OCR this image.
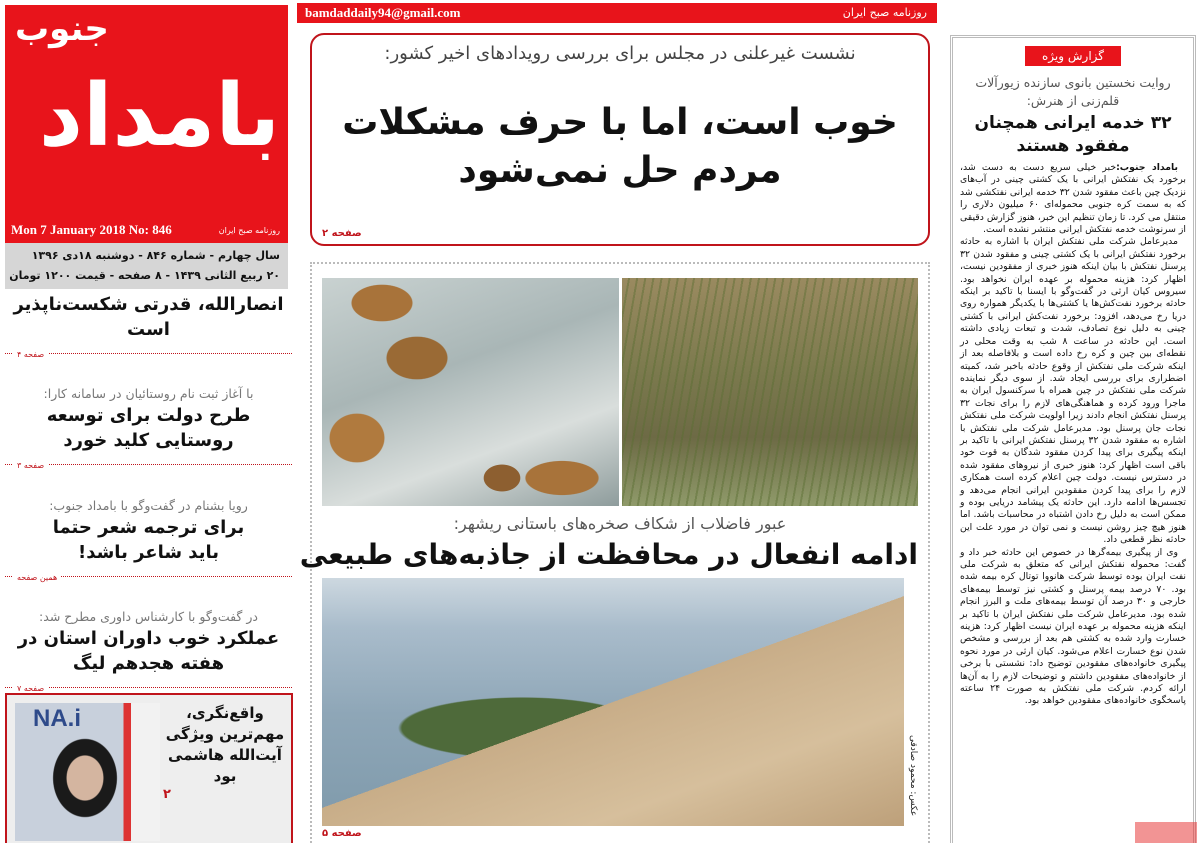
جنوب
بامداد
Mon 7 January 2018 No: 846	روزنامه صبح ایران
سال چهارم - شماره ۸۴۶ - دوشنبه ۱۸دی ۱۳۹۶
۲۰ ربیع الثانی ۱۴۳۹ - ۸ صفحه - قیمت ۱۲۰۰ تومان
انصارالله، قدرتی شکست‌ناپذیر است
صفحه ۴
با آغاز ثبت نام روستائیان در سامانه کارا:
طرح دولت برای توسعه روستایی کلید خورد
صفحه ۳
رویا بشنام در گفت‌وگو با بامداد جنوب:
برای ترجمه شعر حتما باید شاعر باشد!
همین صفحه
در گفت‌وگو با کارشناس داوری مطرح شد:
عملکرد خوب داوران استان در هفته هجدهم لیگ
صفحه ۷
NA.i	واقع‌نگری، مهم‌ترین ویژگی آیت‌الله هاشمی بود
۲
bamdaddaily94@gmail.com	روزنامه صبح ایران
نشست غیرعلنی در مجلس برای بررسی رویدادهای اخیر کشور:
خوب است، اما با حرف مشکلات مردم حل نمی‌شود
صفحه ۲
عبور فاضلاب از شکاف صخره‌های باستانی ریشهر:
ادامه انفعال در محافظت از جاذبه‌های طبیعی
عکس: محمود صادقی
صفحه ۵
گزارش ویژه
روایت نخستین بانوی سازنده زیورآلات قلم‌زنی از هنرش:
۳۲ خدمه ایرانی همچنان مفقود هستند

بامداد جنوب:خبر خیلی سریع دست به دست شد، برخورد یک نفتکش ایرانی با یک کشتی چینی در آب‌های نزدیک چین باعث مفقود شدن ۳۲ خدمه ایرانی نفتکشی شد که به سمت کره جنوبی محموله‌ای ۶۰ میلیون دلاری را منتقل می کرد. تا زمان تنظیم این خبر، هنوز گزارش دقیقی از سرنوشت خدمه نفتکش ایرانی منتشر نشده است.

مدیرعامل شرکت ملی نفتکش ایران با اشاره به حادثه برخورد نفتکش ایرانی با یک کشتی چینی و مفقود شدن ۳۲ پرسنل نفتکش با بیان اینکه هنوز خبری از مفقودین نیست، اظهار کرد: هزینه محموله بر عهده ایران نخواهد بود. سیروس کیان ارثی در گفت‌وگو با ایسنا با تاکید بر اینکه حادثه برخورد نفت‌کش‌ها یا کشتی‌ها با یکدیگر همواره روی دریا رخ می‌دهد، افزود: برخورد نفت‌کش ایرانی با کشتی چینی به دلیل نوع تصادف، شدت و تبعات زیادی داشته است. این حادثه در ساعت ۸ شب به وقت محلی در نقطه‌ای بین چین و کره رخ داده است و بلافاصله بعد از اینکه شرکت ملی نفتکش از وقوع حادثه باخبر شد، کمیته اضطراری برای بررسی ایجاد شد. از سوی دیگر نماینده شرکت ملی نفتکش در چین همراه با سرکنسول ایران به ماجرا ورود کرده و هماهنگی‌های لازم را برای نجات ۳۲ پرسنل نفتکش انجام دادند زیرا اولویت شرکت ملی نفتکش نجات جان پرسنل بود. مدیرعامل شرکت ملی نفتکش با اشاره به مفقود شدن ۳۲ پرسنل نفتکش ایرانی با تاکید بر اینکه پیگیری برای پیدا کردن مفقود شدگان به قوت خود باقی است اظهار کرد: هنوز خبری از نیروهای مفقود شده در دسترس نیست. دولت چین اعلام کرده است همکاری لازم را برای پیدا کردن مفقودین ایرانی انجام می‌دهد و تجسس‌ها ادامه دارد. این حادثه یک پیشامد دریایی بوده و ممکن است به دلیل رخ دادن اشتباه در محاسبات باشد. اما هنوز هیچ چیز روشن نیست و نمی توان در مورد علت این حادثه نظر قطعی داد.

وی از پیگیری بیمه‌گرها در خصوص این حادثه خبر داد و گفت: محموله نفتکش ایرانی که متعلق به شرکت ملی نفت ایران بوده توسط شرکت هانووا توتال کره بیمه شده بود. ۷۰ درصد بیمه پرسنل و کشتی نیز توسط بیمه‌های خارجی و ۳۰ درصد آن توسط بیمه‌های ملت و البرز انجام شده بود. مدیرعامل شرکت ملی نفتکش ایران با تاکید بر اینکه هزینه محموله بر عهده ایران نیست اظهار کرد: هزینه خسارت وارد شده به کشتی هم بعد از بررسی و مشخص شدن نوع خسارت اعلام می‌شود. کیان ارثی در مورد نحوه پیگیری خانواده‌های مفقودین توضیح داد: نشستی با برخی از خانواده‌های مفقودین داشتم و توضیحات لازم را به آن‌ها ارائه کردم. شرکت ملی نفتکش به صورت ۲۴ ساعته پاسخگوی خانواده‌های مفقودین خواهد بود.
